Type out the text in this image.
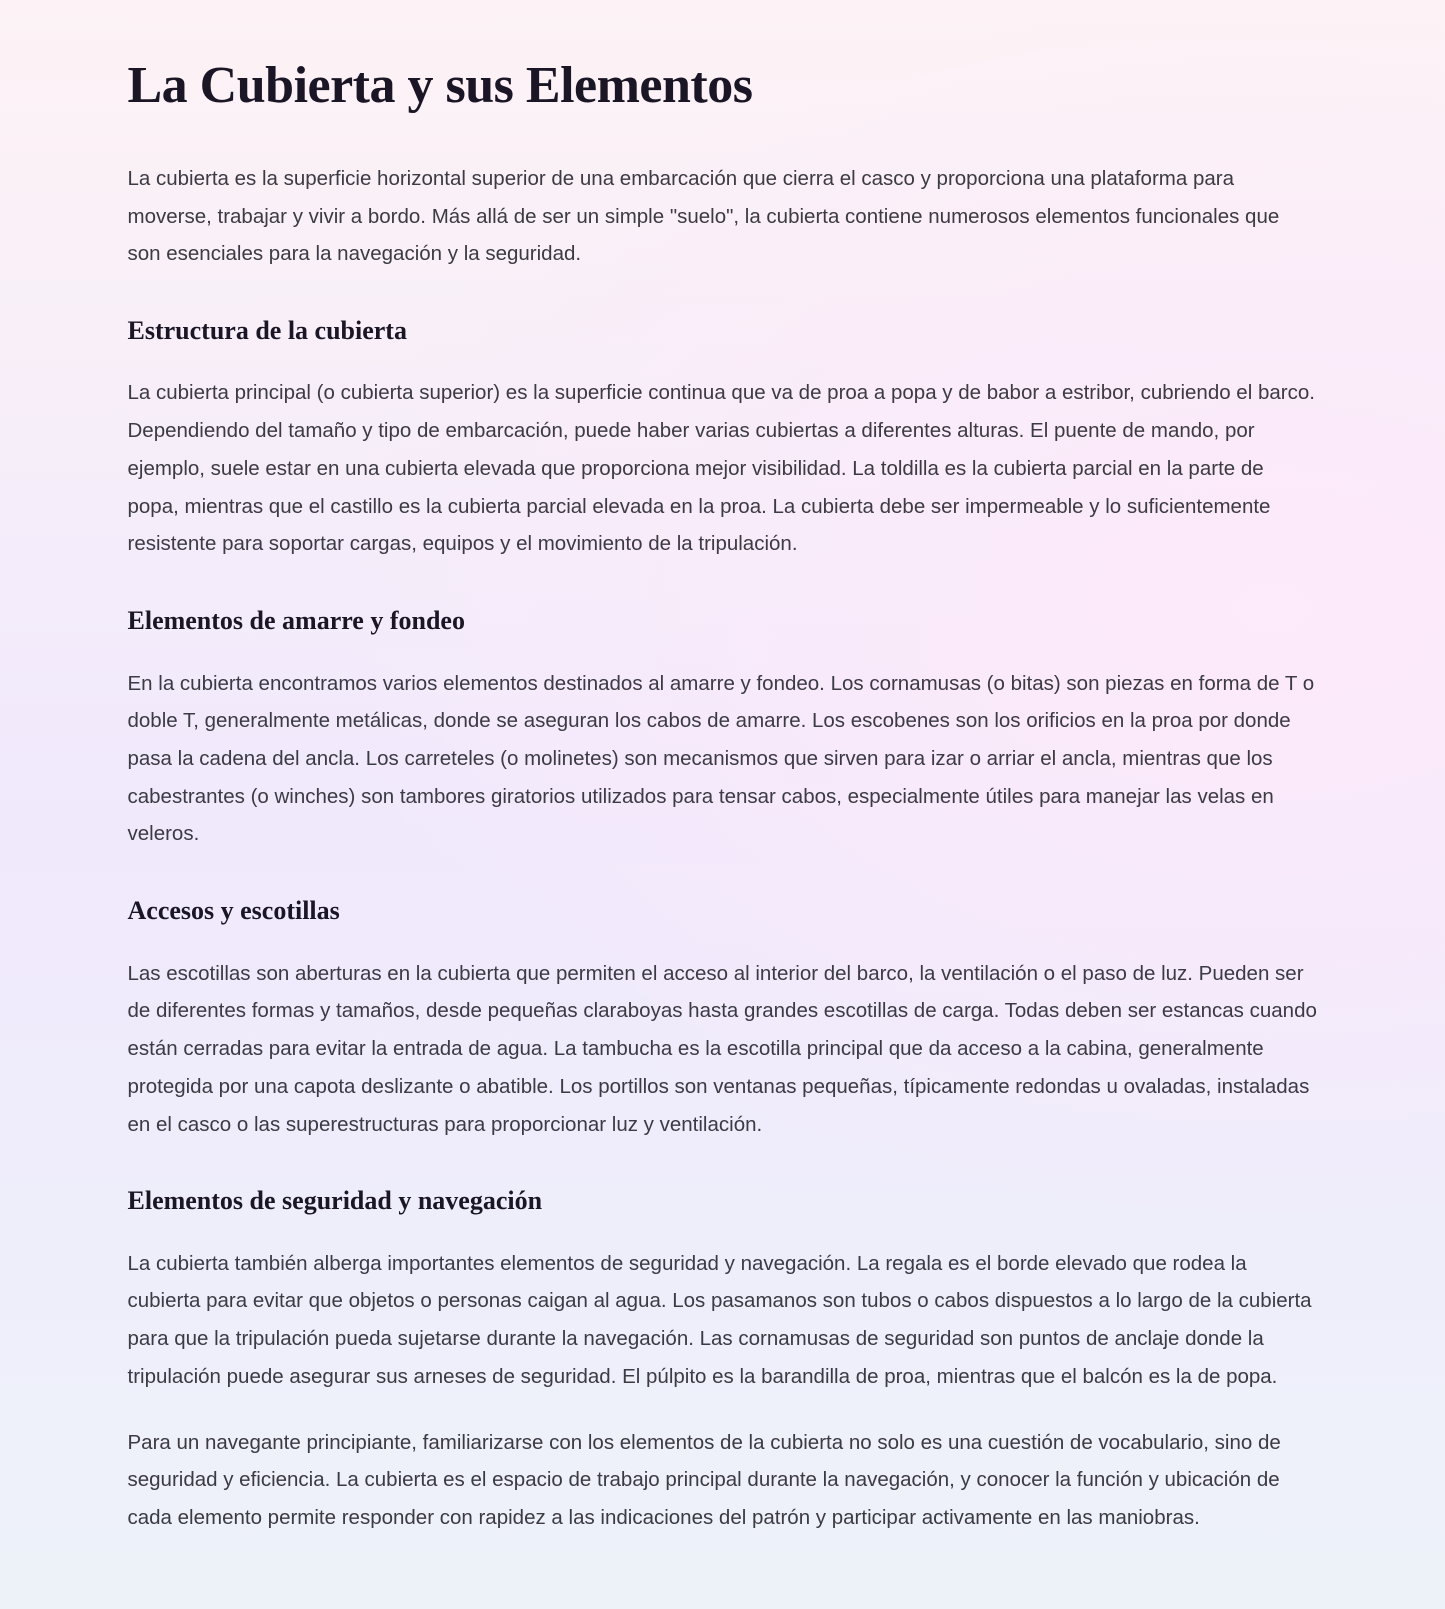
La Cubierta y sus Elementos

La cubierta es la superficie horizontal superior de una embarcación que cierra el casco y proporciona una plataforma para moverse, trabajar y vivir a bordo. Más allá de ser un simple "suelo", la cubierta contiene numerosos elementos funcionales que son esenciales para la navegación y la seguridad.

Estructura de la cubierta

La cubierta principal (o cubierta superior) es la superficie continua que va de proa a popa y de babor a estribor, cubriendo el barco. Dependiendo del tamaño y tipo de embarcación, puede haber varias cubiertas a diferentes alturas. El puente de mando, por ejemplo, suele estar en una cubierta elevada que proporciona mejor visibilidad. La toldilla es la cubierta parcial en la parte de popa, mientras que el castillo es la cubierta parcial elevada en la proa. La cubierta debe ser impermeable y lo suficientemente resistente para soportar cargas, equipos y el movimiento de la tripulación.

Elementos de amarre y fondeo

En la cubierta encontramos varios elementos destinados al amarre y fondeo. Los cornamusas (o bitas) son piezas en forma de T o doble T, generalmente metálicas, donde se aseguran los cabos de amarre. Los escobenes son los orificios en la proa por donde pasa la cadena del ancla. Los carreteles (o molinetes) son mecanismos que sirven para izar o arriar el ancla, mientras que los cabestrantes (o winches) son tambores giratorios utilizados para tensar cabos, especialmente útiles para manejar las velas en veleros.

Accesos y escotillas

Las escotillas son aberturas en la cubierta que permiten el acceso al interior del barco, la ventilación o el paso de luz. Pueden ser de diferentes formas y tamaños, desde pequeñas claraboyas hasta grandes escotillas de carga. Todas deben ser estancas cuando están cerradas para evitar la entrada de agua. La tambucha es la escotilla principal que da acceso a la cabina, generalmente protegida por una capota deslizante o abatible. Los portillos son ventanas pequeñas, típicamente redondas u ovaladas, instaladas en el casco o las superestructuras para proporcionar luz y ventilación.

Elementos de seguridad y navegación

La cubierta también alberga importantes elementos de seguridad y navegación. La regala es el borde elevado que rodea la cubierta para evitar que objetos o personas caigan al agua. Los pasamanos son tubos o cabos dispuestos a lo largo de la cubierta para que la tripulación pueda sujetarse durante la navegación. Las cornamusas de seguridad son puntos de anclaje donde la tripulación puede asegurar sus arneses de seguridad. El púlpito es la barandilla de proa, mientras que el balcón es la de popa.

Para un navegante principiante, familiarizarse con los elementos de la cubierta no solo es una cuestión de vocabulario, sino de seguridad y eficiencia. La cubierta es el espacio de trabajo principal durante la navegación, y conocer la función y ubicación de cada elemento permite responder con rapidez a las indicaciones del patrón y participar activamente en las maniobras.
